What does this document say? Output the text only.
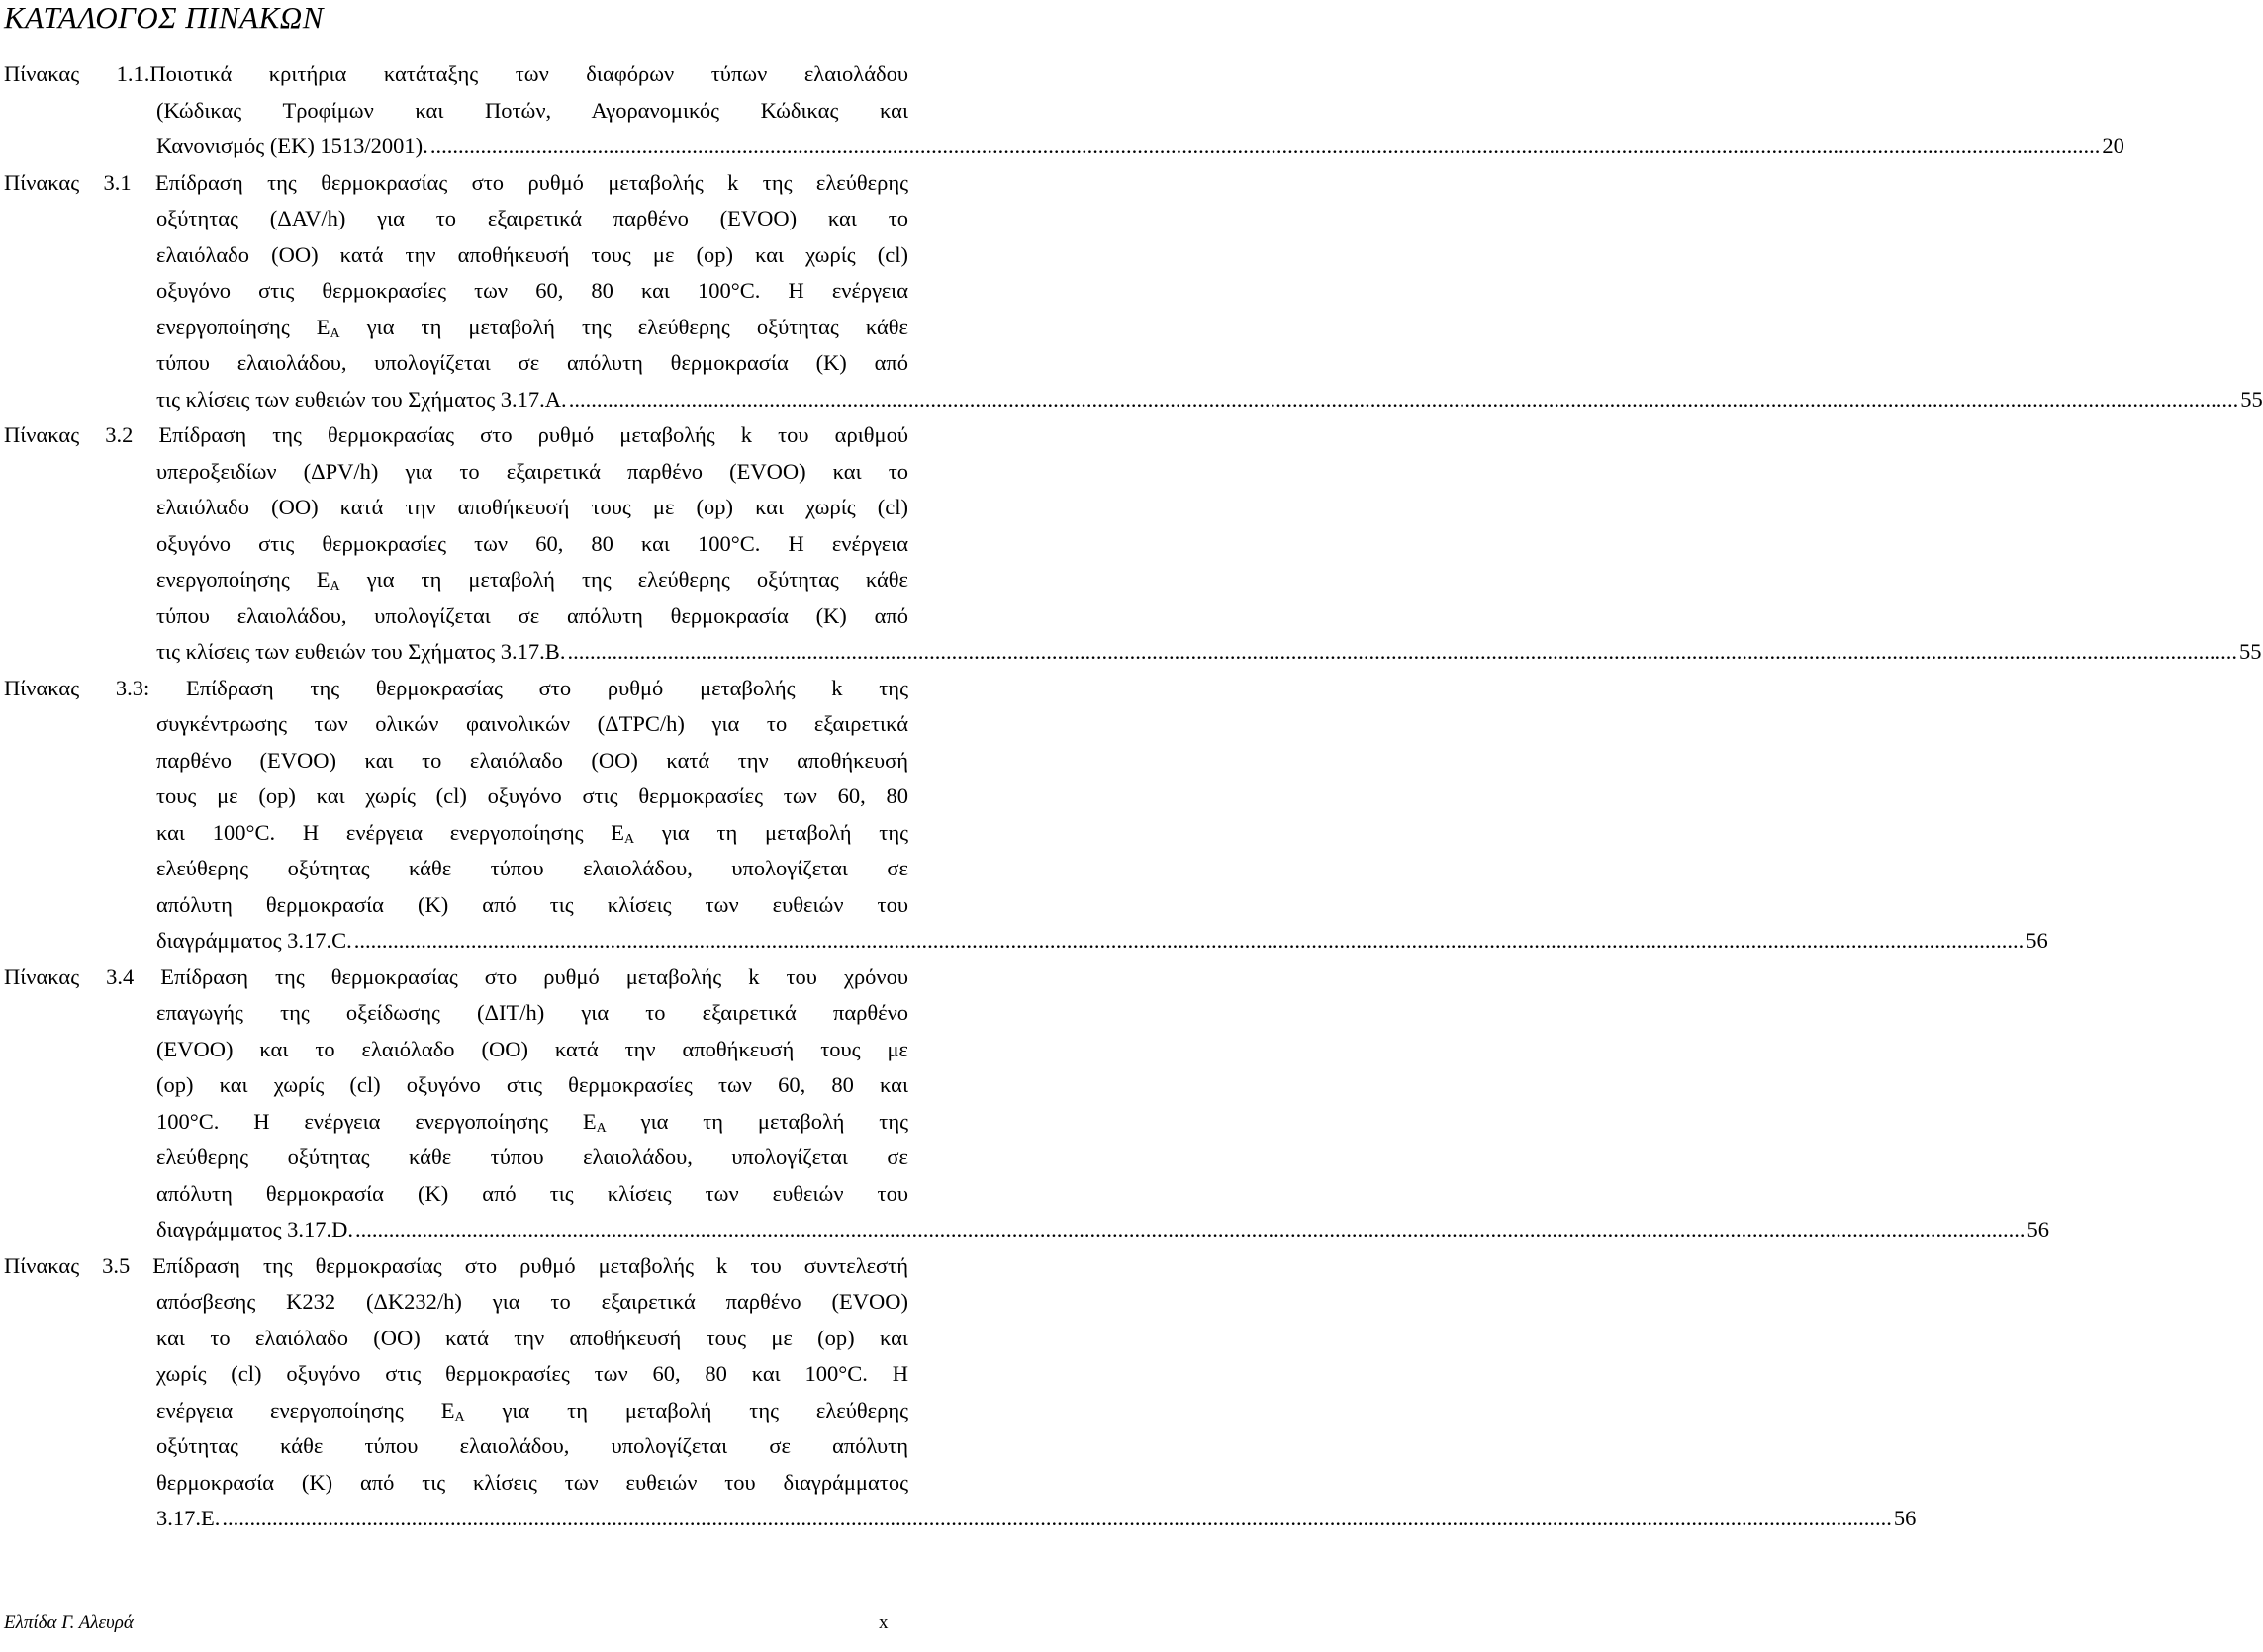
ΚΑΤΑΛΟΓΟΣ ΠΙΝΑΚΩΝ
Πίνακας 1.1.Ποιοτικά κριτήρια κατάταξης των διαφόρων τύπων ελαιολάδου
(Κώδικας Τροφίμων και Ποτών, Αγορανομικός Κώδικας και
Κανονισμός (ΕΚ) 1513/2001). ............................................................................................................................................................................................................................................................................................................ 20
Πίνακας 3.1 Επίδραση της θερμοκρασίας στο ρυθμό μεταβολής k της ελεύθερης
οξύτητας (ΔAV/h) για το εξαιρετικά παρθένο (EVOO) και το
ελαιόλαδο (OO) κατά την αποθήκευσή τους με (op) και χωρίς (cl)
οξυγόνο στις θερμοκρασίες των 60, 80 και 100°C. Η ενέργεια
ενεργοποίησης $E_A$ για τη μεταβολή της ελεύθερης οξύτητας κάθε
τύπου ελαιολάδου, υπολογίζεται σε απόλυτη θερμοκρασία (K) από
τις κλίσεις των ευθειών του Σχήματος 3.17.A. ............................................................................................................................................................................................................................................................................................................ 55
Πίνακας 3.2 Επίδραση της θερμοκρασίας στο ρυθμό μεταβολής k του αριθμού
υπεροξειδίων (ΔPV/h) για το εξαιρετικά παρθένο (EVOO) και το
ελαιόλαδο (OO) κατά την αποθήκευσή τους με (op) και χωρίς (cl)
οξυγόνο στις θερμοκρασίες των 60, 80 και 100°C. Η ενέργεια
ενεργοποίησης $E_A$ για τη μεταβολή της ελεύθερης οξύτητας κάθε
τύπου ελαιολάδου, υπολογίζεται σε απόλυτη θερμοκρασία (K) από
τις κλίσεις των ευθειών του Σχήματος 3.17.B. ............................................................................................................................................................................................................................................................................................................ 55
Πίνακας 3.3: Επίδραση της θερμοκρασίας στο ρυθμό μεταβολής k της
συγκέντρωσης των ολικών φαινολικών (ΔTPC/h) για το εξαιρετικά
παρθένο (EVOO) και το ελαιόλαδο (OO) κατά την αποθήκευσή
τους με (op) και χωρίς (cl) οξυγόνο στις θερμοκρασίες των 60, 80
και 100°C. Η ενέργεια ενεργοποίησης $E_A$ για τη μεταβολή της
ελεύθερης οξύτητας κάθε τύπου ελαιολάδου, υπολογίζεται σε
απόλυτη θερμοκρασία (K) από τις κλίσεις των ευθειών του
διαγράμματος 3.17.C. ............................................................................................................................................................................................................................................................................................................ 56
Πίνακας 3.4 Επίδραση της θερμοκρασίας στο ρυθμό μεταβολής k του χρόνου
επαγωγής της οξείδωσης (ΔIT/h) για το εξαιρετικά παρθένο
(EVOO) και το ελαιόλαδο (OO) κατά την αποθήκευσή τους με
(op) και χωρίς (cl) οξυγόνο στις θερμοκρασίες των 60, 80 και
100°C. Η ενέργεια ενεργοποίησης $E_A$ για τη μεταβολή της
ελεύθερης οξύτητας κάθε τύπου ελαιολάδου, υπολογίζεται σε
απόλυτη θερμοκρασία (K) από τις κλίσεις των ευθειών του
διαγράμματος 3.17.D. ............................................................................................................................................................................................................................................................................................................ 56
Πίνακας 3.5 Επίδραση της θερμοκρασίας στο ρυθμό μεταβολής k του συντελεστή
απόσβεσης K232 (ΔK232/h) για το εξαιρετικά παρθένο (EVOO)
και το ελαιόλαδο (OO) κατά την αποθήκευσή τους με (op) και
χωρίς (cl) οξυγόνο στις θερμοκρασίες των 60, 80 και 100°C. Η
ενέργεια ενεργοποίησης $E_A$ για τη μεταβολή της ελεύθερης
οξύτητας κάθε τύπου ελαιολάδου, υπολογίζεται σε απόλυτη
θερμοκρασία (K) από τις κλίσεις των ευθειών του διαγράμματος
3.17.E. ............................................................................................................................................................................................................................................................................................................ 56
Ελπίδα Γ. Αλευρά	x
